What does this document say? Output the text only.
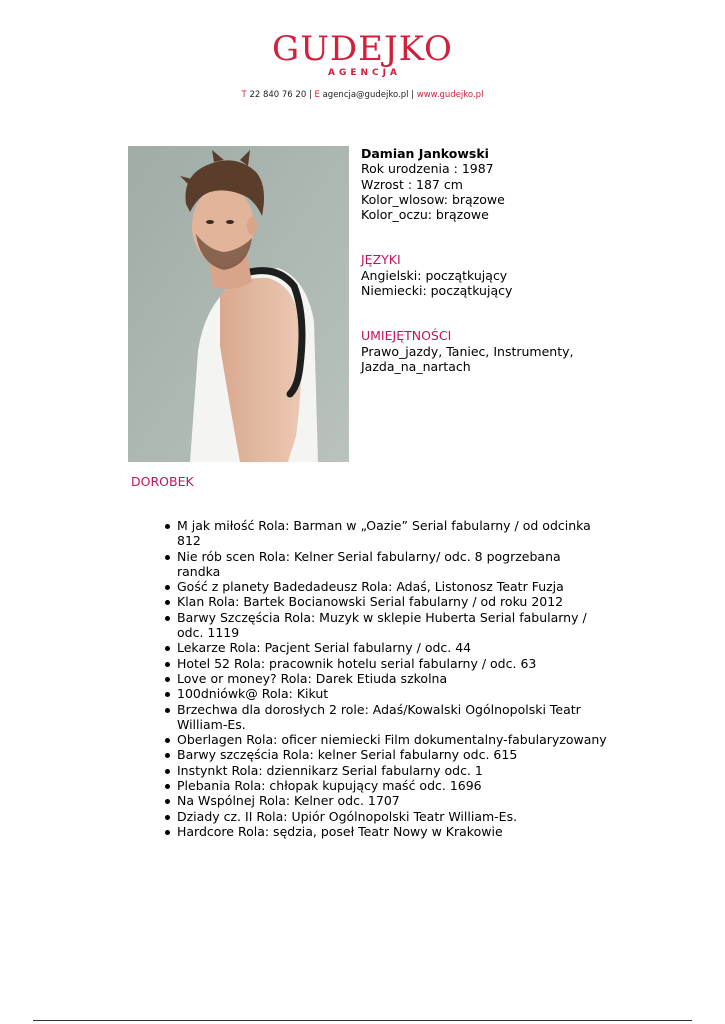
GUDEJKO
AGENCJA
T 22 840 76 20 | E agencja@gudejko.pl | www.gudejko.pl
Damian Jankowski
Rok urodzenia : 1987
Wzrost : 187 cm
Kolor_wlosow: brązowe
Kolor_oczu: brązowe
JĘZYKI
Angielski: początkujący
Niemiecki: początkujący
UMIEJĘTNOŚCI
Prawo_jazdy, Taniec, Instrumenty,
Jazda_na_nartach
DOROBEK
M jak miłość Rola: Barman w „Oazie” Serial fabularny / od odcinka 812
Nie rób scen Rola: Kelner Serial fabularny/ odc. 8 pogrzebana randka
Gość z planety Badedadeusz Rola: Adaś, Listonosz Teatr Fuzja
Klan Rola: Bartek Bocianowski Serial fabularny / od roku 2012
Barwy Szczęścia Rola: Muzyk w sklepie Huberta Serial fabularny / odc. 1119
Lekarze Rola: Pacjent Serial fabularny / odc. 44
Hotel 52 Rola: pracownik hotelu serial fabularny / odc. 63
Love or money? Rola: Darek Etiuda szkolna
100dniówk@ Rola: Kikut
Brzechwa dla dorosłych 2 role: Adaś/Kowalski Ogólnopolski Teatr William-Es.
Oberlagen Rola: oficer niemiecki Film dokumentalny-fabularyzowany
Barwy szczęścia Rola: kelner Serial fabularny odc. 615
Instynkt Rola: dziennikarz Serial fabularny odc. 1
Plebania Rola: chłopak kupujący maść odc. 1696
Na Wspólnej Rola: Kelner odc. 1707
Dziady cz. II Rola: Upiór Ogólnopolski Teatr William-Es.
Hardcore Rola: sędzia, poseł Teatr Nowy w Krakowie
